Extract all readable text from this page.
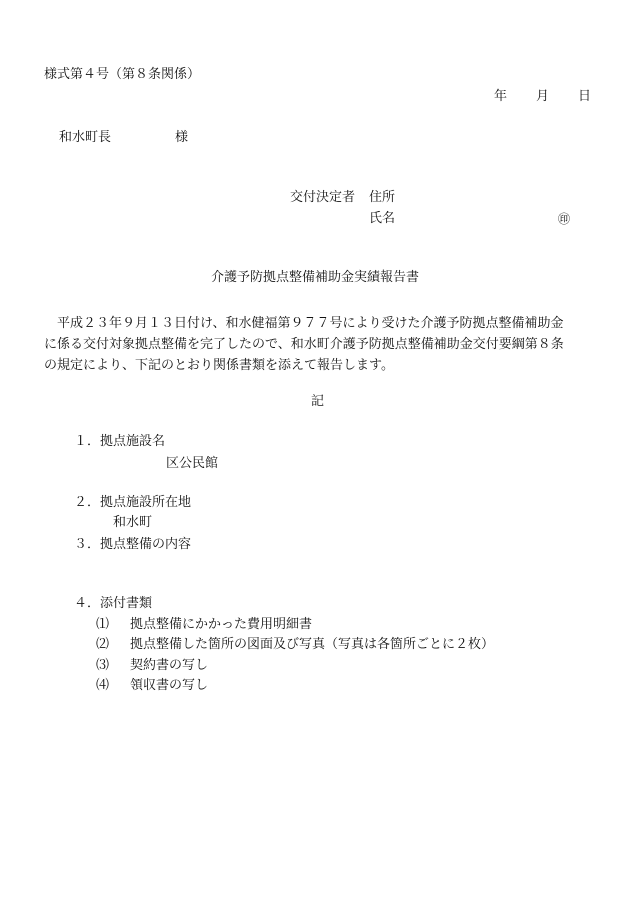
様式第４号（第８条関係）
年 月 日
和水町長	様
交付決定者 住所
氏名	㊞
介護予防拠点整備補助金実績報告書

　平成２３年９月１３日付け、和水健福第９７７号により受けた介護予防拠点整備補助金

に係る交付対象拠点整備を完了したので、和水町介護予防拠点整備補助金交付要綱第８条

の規定により、下記のとおり関係書類を添えて報告します。

記
１．拠点施設名
区公民館
２．拠点施設所在地
和水町
３．拠点整備の内容
４．添付書類
⑴ 拠点整備にかかった費用明細書
⑵ 拠点整備した箇所の図面及び写真（写真は各箇所ごとに２枚）
⑶ 契約書の写し
⑷ 領収書の写し
